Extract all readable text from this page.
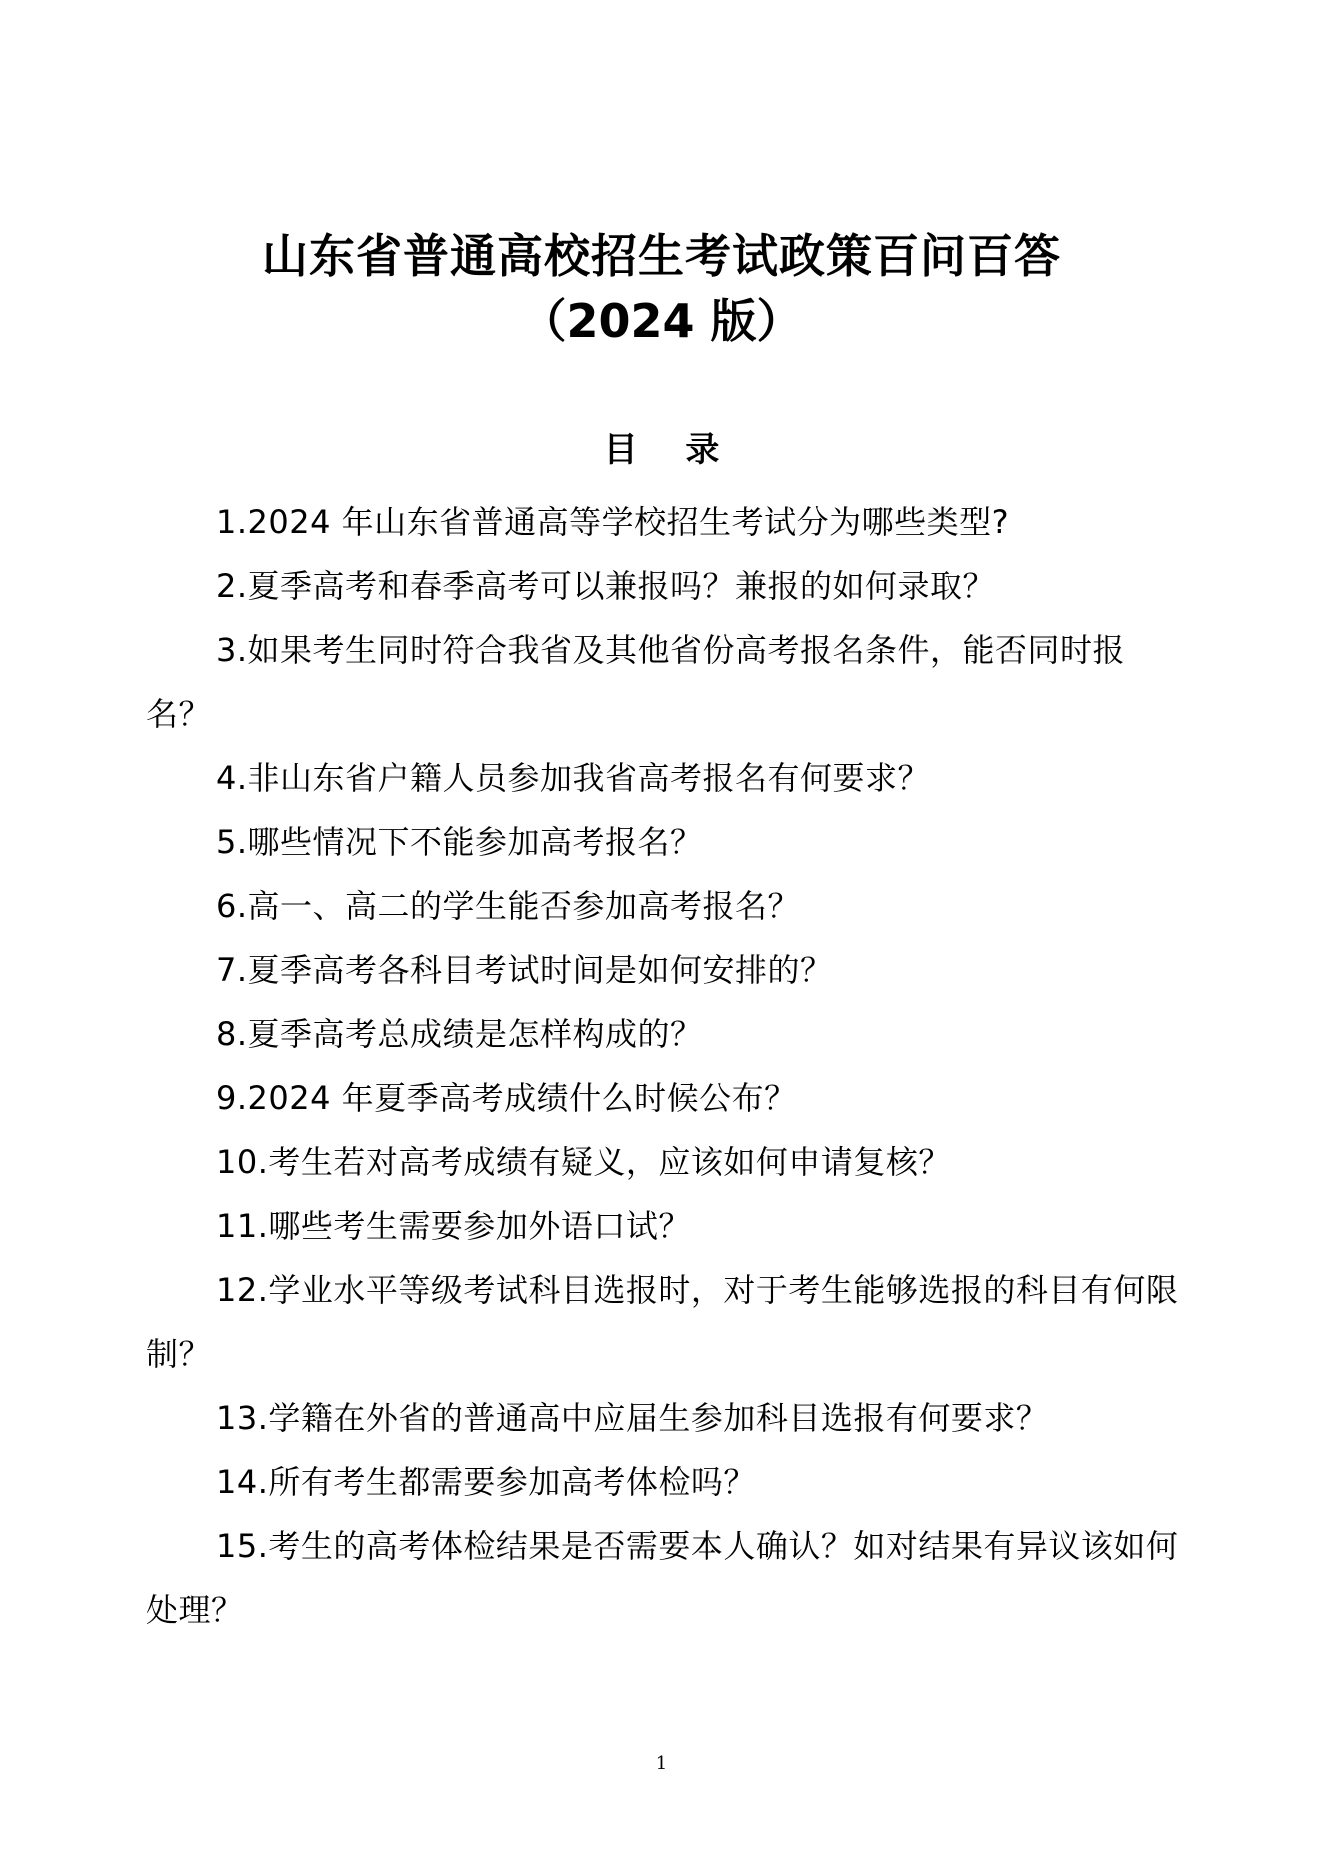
山东省普通高校招生考试政策百问百答
（2024 版）
目 录
1.2024 年山东省普通高等学校招生考试分为哪些类型?
2.夏季高考和春季高考可以兼报吗？兼报的如何录取？
3.如果考生同时符合我省及其他省份高考报名条件，能否同时报名？
4.非山东省户籍人员参加我省高考报名有何要求？
5.哪些情况下不能参加高考报名？
6.高一、高二的学生能否参加高考报名？
7.夏季高考各科目考试时间是如何安排的？
8.夏季高考总成绩是怎样构成的？
9.2024 年夏季高考成绩什么时候公布？
10.考生若对高考成绩有疑义，应该如何申请复核？
11.哪些考生需要参加外语口试？
12.学业水平等级考试科目选报时，对于考生能够选报的科目有何限制？
13.学籍在外省的普通高中应届生参加科目选报有何要求？
14.所有考生都需要参加高考体检吗？
15.考生的高考体检结果是否需要本人确认？如对结果有异议该如何处理？

1
